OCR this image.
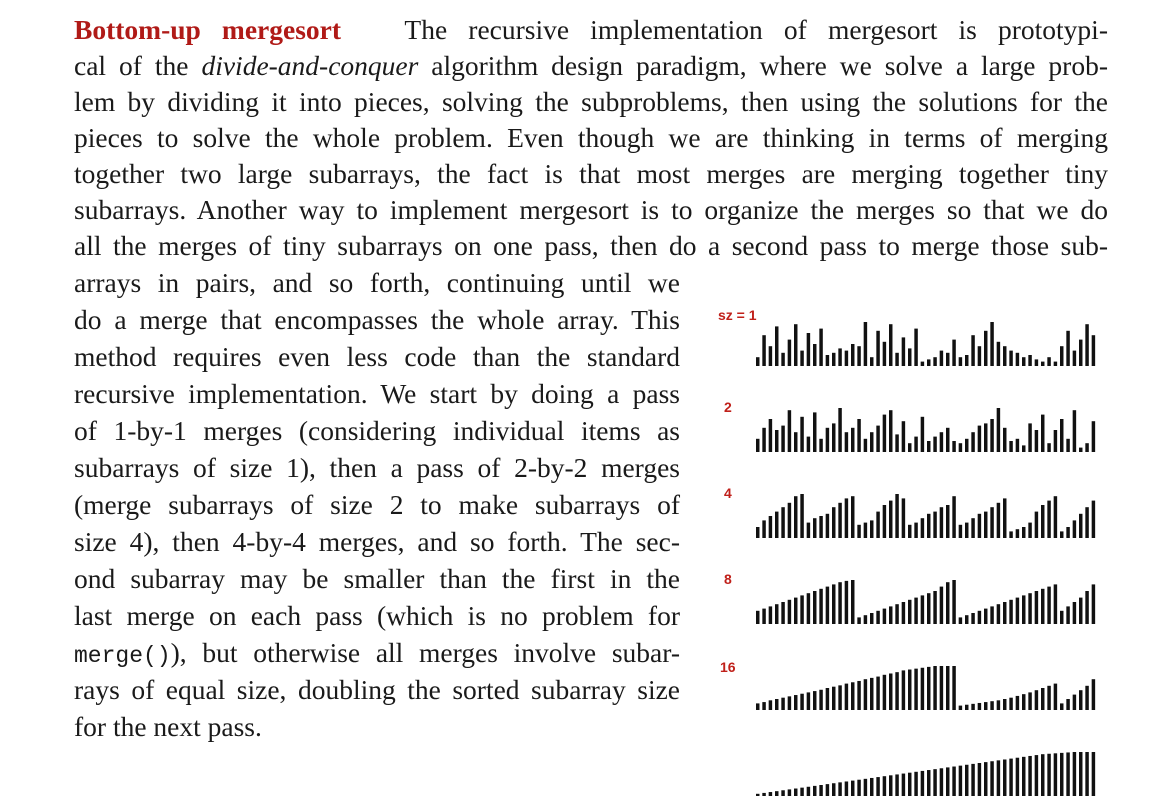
Bottom-up mergesort The recursive implementation of mergesort is prototypi-
cal of the divide-and-conquer algorithm design paradigm, where we solve a large prob-
lem by dividing it into pieces, solving the subproblems, then using the solutions for the
pieces to solve the whole problem. Even though we are thinking in terms of merging
together two large subarrays, the fact is that most merges are merging together tiny
subarrays. Another way to implement mergesort is to organize the merges so that we do
all the merges of tiny subarrays on one pass, then do a second pass to merge those sub-
arrays in pairs, and so forth, continuing until we
do a merge that encompasses the whole array. This
method requires even less code than the standard
recursive implementation. We start by doing a pass
of 1-by-1 merges (considering individual items as
subarrays of size 1), then a pass of 2-by-2 merges
(merge subarrays of size 2 to make subarrays of
size 4), then 4-by-4 merges, and so forth. The sec-
ond subarray may be smaller than the first in the
last merge on each pass (which is no problem for
merge()), but otherwise all merges involve subar-
rays of equal size, doubling the sorted subarray size
for the next pass.
sz = 1
2
4
8
16
